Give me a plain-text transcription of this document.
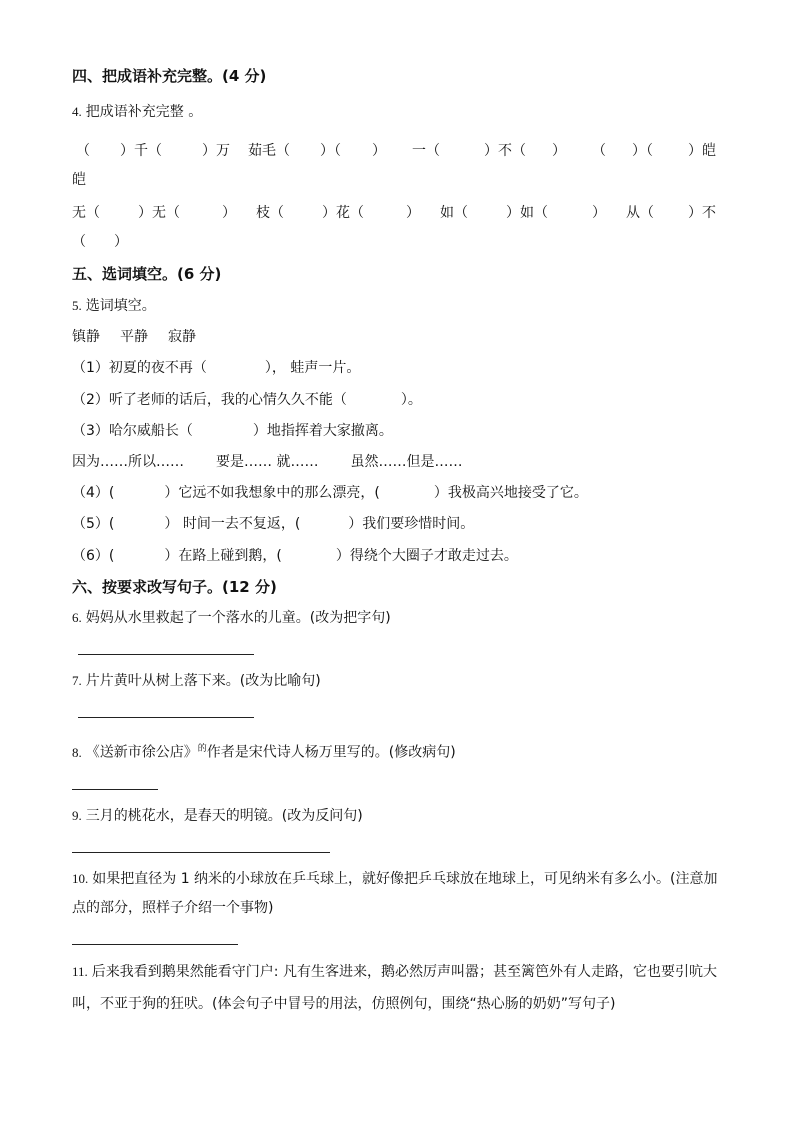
四、把成语补充完整。(4 分)
4. 把成语补充完整 。
（ ）千（	）万 茹毛（ ）（ ） 一（	）不（ ） （ ）（	）皑
皑
无（	）无（	） 枝（	）花（	） 如（	）如（	） 从（ ）不
（　　）
五、选词填空。(6 分)
5. 选词填空。
镇静 平静 寂静
（1）初夏的夜不再（	）， 蛙声一片。
（2）听了老师的话后，我的心情久久不能（	）。
（3）哈尔威船长（	）地指挥着大家撤离。
因为……所以…… 要是…… 就…… 虽然……但是……
（4）(	）它远不如我想象中的那么漂亮，(	）我极高兴地接受了它。
（5）(	） 时间一去不复返，(	）我们要珍惜时间。
（6）(	）在路上碰到鹅，(	）得绕个大圈子才敢走过去。
六、按要求改写句子。(12 分)
6. 妈妈从水里救起了一个落水的儿童。(改为把字句)
7. 片片黄叶从树上落下来。(改为比喻句)
8. 《送新市徐公店》$^的$作者是宋代诗人杨万里写的。(修改病句)
9. 三月的桃花水，是春天的明镜。(改为反问句)
10. 如果把直径为 1 纳米的小球放在乒乓球上，就好像把乒乓球放在地球上，可见纳米有多么小。(注意加
点的部分，照样子介绍一个事物)
11. 后来我看到鹅果然能看守门户: 凡有生客进来，鹅必然厉声叫嚣；甚至篱笆外有人走路，它也要引吭大
叫，不亚于狗的狂吠。(体会句子中冒号的用法，仿照例句，围绕“热心肠的奶奶”写句子)
